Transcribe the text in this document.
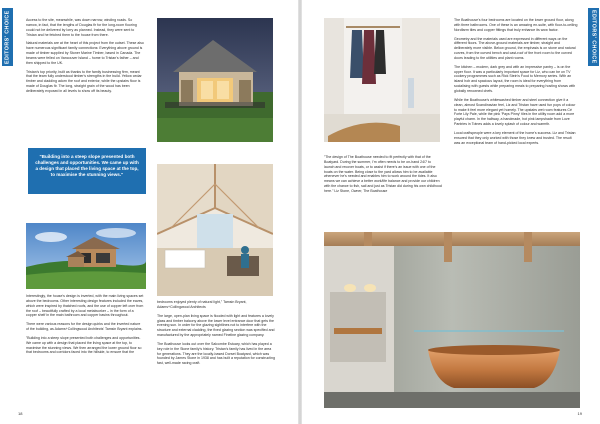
EDITORS' CHOICE	Access to the site, meanwhile, was down narrow, winding roads. So narrow, in fact, that the lengths of Douglas fir for the long-room flooring could not be delivered by lorry as planned. Instead, they were sent to Tristan and he fetched them to the house from there.

Natural materials are at the heart of this project from the outset. These also have numerous significant family connections: Everything above ground is made of timber supplied by Stoner Marine Timber, based in Canada. The beams were felled on Vancouver Island – home to Tristan's father – and then shipped to the UK.

Tristan's top priority, built as thanks to the family businessing firm, meant that the team fully understood timber's strengths in the build. Yellow cedar timber and cladding adorn the roof and exterior, while the upstairs floor is made of Douglas fir. The long, straight grain of the wood has been deliberately exposed in all levels to show off its beauty.

"Building into a steep slope presented both challenges and opportunities. We came up with a design that placed the living space at the top, to maximise the stunning views."

Interestingly, the house's design is inverted, with the main living spaces set above the bedrooms. Other interesting design features included the eaves, which were inspired by thatched roofs, and the use of copper left over from the roof – beautifully crafted by a local metalworker – in the form of a copper shelf in the main bathroom and copper basins throughout.

There were various reasons for the design quirks and the inverted nature of the building, as Adams+Collingwood Architects' Tamsin Bryant explains.

"Building into a steep slope presented both challenges and opportunities. We came up with a design that placed the living space at the top, to maximise the stunning views. We then arranged the lower ground floor so that bedrooms and corridors faced into the hillside, to ensure that the

bedrooms enjoyed plenty of natural light," Tamsin Bryant, Adams+Collingwood Architects

The large, open-plan living space is flooded with light and features a lovely glass and timber balcony above the lower level entrance door that gets the evening sun. In order for the glazing sightlines not to interfere with the structure and external cladding, the fixed glazing section was specified and manufactured by the appropriately named Fineline glazing company.

The Boathouse looks out over the Salcombe Estuary, which has played a key role in the Stone family's history. Tristan's family has lived in the area for generations. They are the locally-based Dorset Boatyard, which was founded by James Stone in 1938 and has built a reputation for constructing fast, well-made racing craft.

18
"The design of The Boathouse needed to fit perfectly with that of the Boatyard. During the summer, I'm often needs to be on-hand 24/7 to launch and recover boats, or to assist if there's an issue with one of the boats on the water. Being close to the yard allows him to be available whenever he's needed and enables him to work around the tides. It also means we can achieve a better work/life balance and provide our children with the chance to fish, sail and just as Tristan did during his own childhood here." Liz Stone, Owner, The Boathouse

The Boathouse's four bedrooms are located on the lower ground floor, along with three bathrooms. One of these is an amazing en-suite, with floor-to-ceiling Nordfarm tiles and copper fittings that truly enhance its wow factor.

Geometry and the materials used are expressed in different ways on the different floors. The above-ground materials are timber, straight and deliberately more visible. Below ground, the emphasis is on stone and natural curves, from the curved bench and cast-roof of the front room to the curved doors leading to the utilities and plant rooms.

The kitchen – modern, dark grey and with an impressive pantry – is on the upper floor. It was a particularly important space for Liz, who can be on TV cookery programmes such as Rick Stein's Food to Memory series. With an island hob and spacious layout, the room is ideal for everything from socialising with guests while preparing meals to preparing hosting shows with globally renowned chefs.

While the Boathouse's whitewashed timber and steel connection give it a clean, almost Scandinavian feel, Liz and Tristan have used fun pops of colour to make it feel more elegant yet homely. The upstairs wet room features Cé Forte Lily Pale, while the pink 'Pays Pinny' tiles in the utility room add a more playful charm. In the hallway, a handmade, hot pink lampshade from Love Pantries in Totnes adds a lovely splash of colour and warmth.

Local craftspeople were a key element of the home's success. Liz and Tristan ensured that they only worked with those they knew and trusted. The result was an exceptional team of hand-picked local experts.

EDITORS' CHOICE
19
